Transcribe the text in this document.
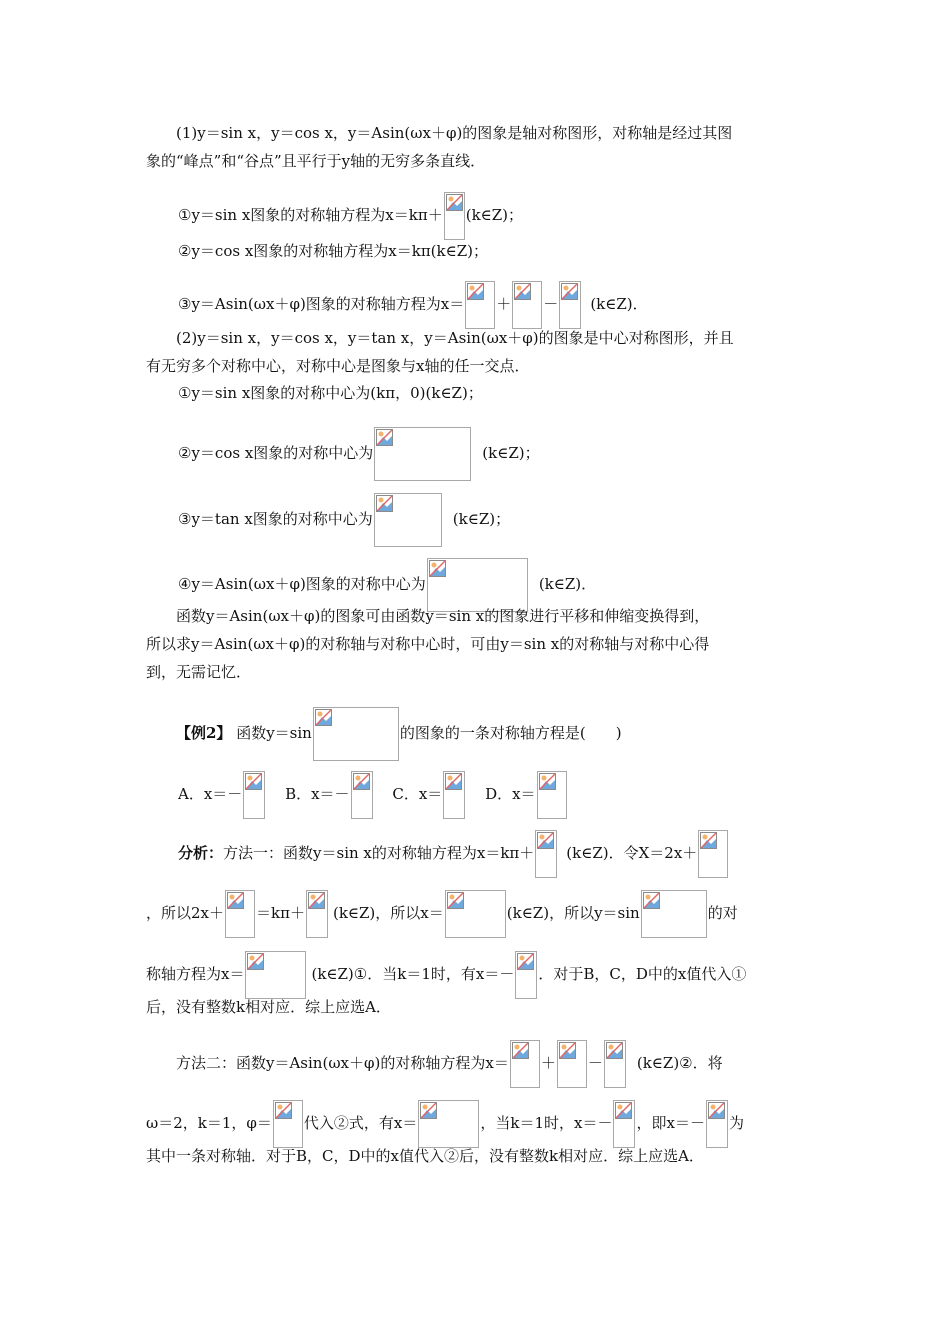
(1)y＝sin x，y＝cos x，y＝Asin(ωx＋φ)的图象是轴对称图形，对称轴是经过其图
象的“峰点”和“谷点”且平行于y轴的无穷多条直线．
①y＝sin x图象的对称轴方程为x＝kπ＋ (k∈Z)；
②y＝cos x图象的对称轴方程为x＝kπ(k∈Z)；
③y＝Asin(ωx＋φ)图象的对称轴方程为x＝ ＋ － (k∈Z)．
(2)y＝sin x，y＝cos x，y＝tan x，y＝Asin(ωx＋φ)的图象是中心对称图形，并且
有无穷多个对称中心，对称中心是图象与x轴的任一交点．
①y＝sin x图象的对称中心为(kπ，0)(k∈Z)；
②y＝cos x图象的对称中心为	(k∈Z)；
③y＝tan x图象的对称中心为	(k∈Z)；
④y＝Asin(ωx＋φ)图象的对称中心为	(k∈Z)．
函数y＝Asin(ωx＋φ)的图象可由函数y＝sin x的图象进行平移和伸缩变换得到，
所以求y＝Asin(ωx＋φ)的对称轴与对称中心时，可由y＝sin x的对称轴与对称中心得
到，无需记忆．
【例2】 函数y＝sin	的图象的一条对称轴方程是(　　)
A．x＝－	B．x＝－	C．x＝	D．x＝
分析：方法一：函数y＝sin x的对称轴方程为x＝kπ＋ (k∈Z)．令X＝2x＋
，所以2x＋ ＝kπ＋ (k∈Z)，所以x＝	(k∈Z)，所以y＝sin	的对
称轴方程为x＝	(k∈Z)①．当k＝1时，有x＝－ ．对于B，C，D中的x值代入①
后，没有整数k相对应．综上应选A．
方法二：函数y＝Asin(ωx＋φ)的对称轴方程为x＝ ＋ － (k∈Z)②．将
ω＝2，k＝1，φ＝ 代入②式，有x＝	，当k＝1时，x＝－ ，即x＝－ 为
其中一条对称轴．对于B，C，D中的x值代入②后，没有整数k相对应．综上应选A．
